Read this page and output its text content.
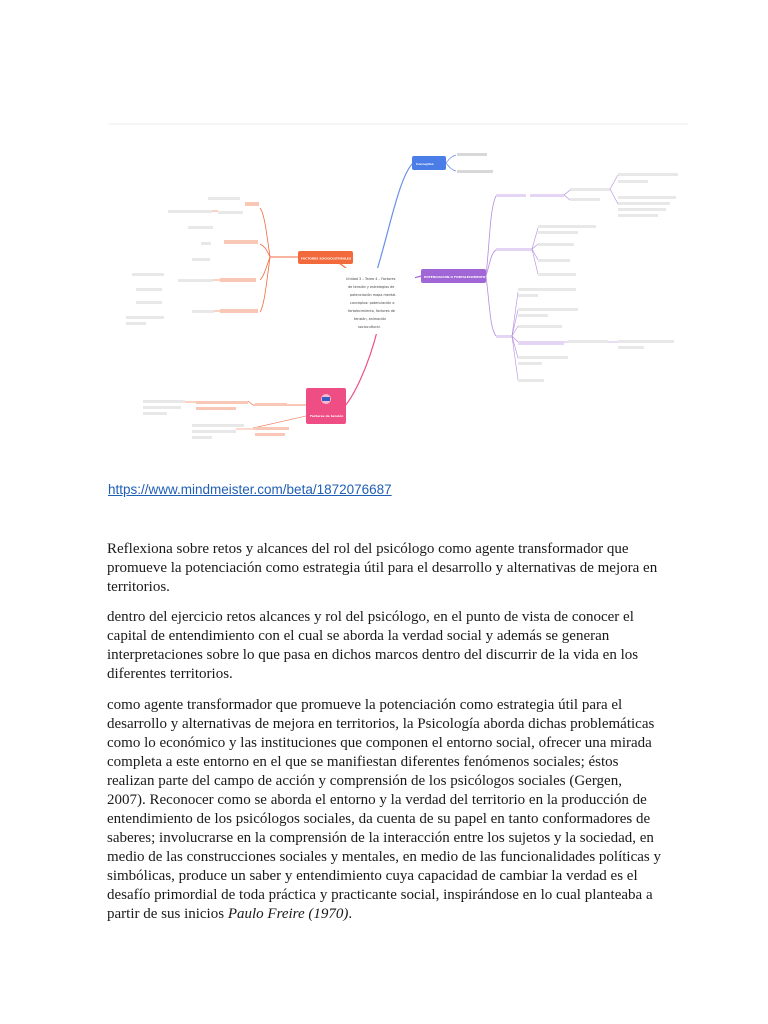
Unidad 3 – Tarea 4 – Factores
de tensión y estrategias de
potenciación mapa mental.
conceptos: potenciación o
fortalecimiento, factores de
tensión, animación
sociocultural.
Conceptos
FACTORES SOCIOCULTURALES
POTENCIACIÓN O FORTALECIMIENTO
Factores de tensión
https://www.mindmeister.com/beta/1872076687

Reflexiona sobre retos y alcances del rol del psicólogo como agente transformador que promueve la potenciación como estrategia útil para el desarrollo y alternativas de mejora en territorios.

dentro del ejercicio retos alcances y rol del psicólogo, en el punto de vista de conocer el capital de entendimiento con el cual se aborda la verdad social y además se generan interpretaciones sobre lo que pasa en dichos marcos dentro del discurrir de la vida en los diferentes territorios.

como agente transformador que promueve la potenciación como estrategia útil para el desarrollo y alternativas de mejora en territorios, la Psicología aborda dichas problemáticas como lo económico y las instituciones que componen el entorno social, ofrecer una mirada completa a este entorno en el que se manifiestan diferentes fenómenos sociales; éstos realizan parte del campo de acción y comprensión de los psicólogos sociales (Gergen, 2007). Reconocer como se aborda el entorno y la verdad del territorio en la producción de entendimiento de los psicólogos sociales, da cuenta de su papel en tanto conformadores de saberes; involucrarse en la comprensión de la interacción entre los sujetos y la sociedad, en medio de las construcciones sociales y mentales, en medio de las funcionalidades políticas y simbólicas, produce un saber y entendimiento cuya capacidad de cambiar la verdad es el desafío primordial de toda práctica y practicante social, inspirándose en lo cual planteaba a partir de sus inicios Paulo Freire (1970).
